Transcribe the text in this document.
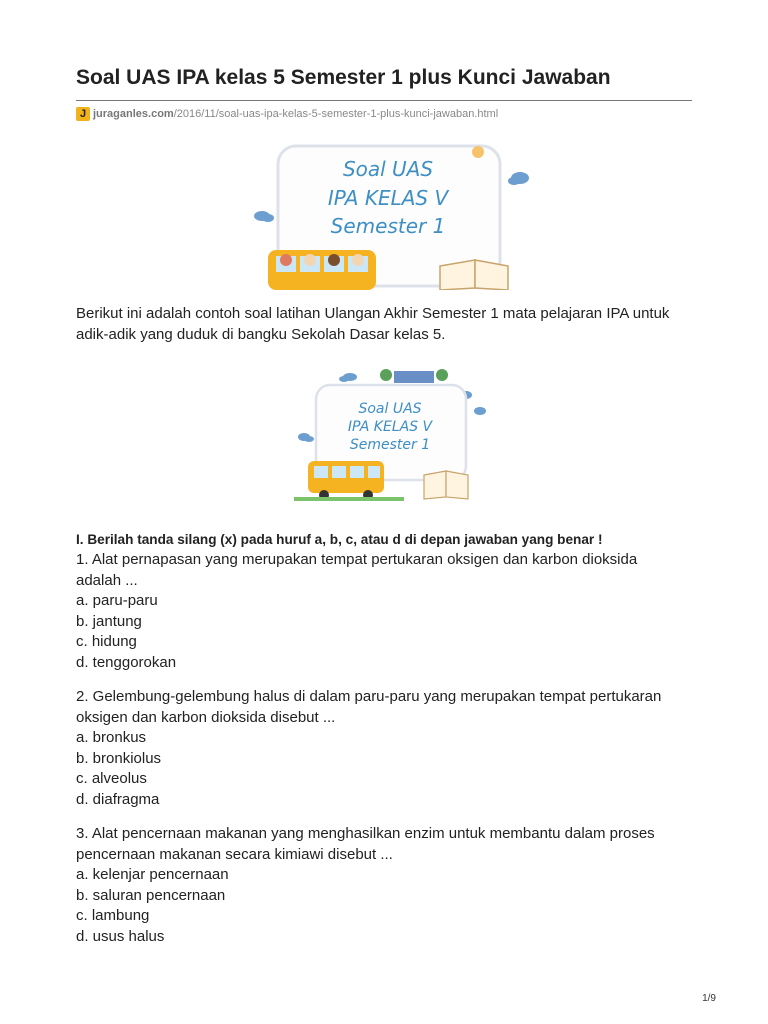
Soal UAS IPA kelas 5 Semester 1 plus Kunci Jawaban
J juraganles.com /2016/11/soal-uas-ipa-kelas-5-semester-1-plus-kunci-jawaban.html
Soal UAS
IPA KELAS V
Semester 1

Berikut ini adalah contoh soal latihan Ulangan Akhir Semester 1 mata pelajaran IPA untuk
adik-adik yang duduk di bangku Sekolah Dasar kelas 5.

Soal UAS
IPA KELAS V
Semester 1

I. Berilah tanda silang (x) pada huruf a, b, c, atau d di depan jawaban yang benar !

1. Alat pernapasan yang merupakan tempat pertukaran oksigen dan karbon dioksida

adalah ...

a. paru-paru

b. jantung

c. hidung

d. tenggorokan

2. Gelembung-gelembung halus di dalam paru-paru yang merupakan tempat pertukaran

oksigen dan karbon dioksida disebut ...

a. bronkus

b. bronkiolus

c. alveolus

d. diafragma

3. Alat pencernaan makanan yang menghasilkan enzim untuk membantu dalam proses

pencernaan makanan secara kimiawi disebut ...

a. kelenjar pencernaan

b. saluran pencernaan

c. lambung

d. usus halus

1/9
